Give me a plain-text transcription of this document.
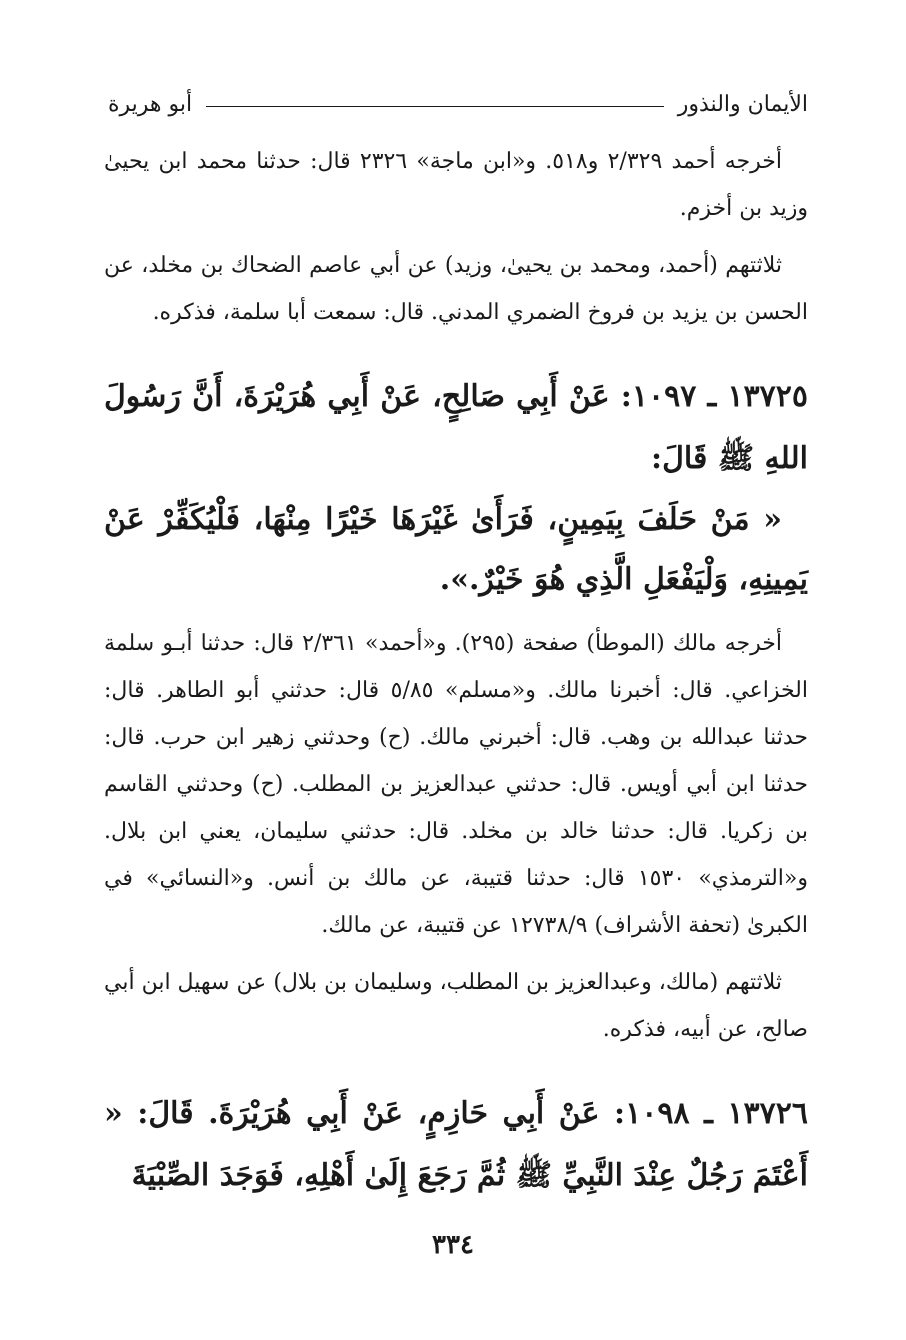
الأيمان والنذور
أبو هريرة

أخرجه أحمد ٢/٣٢٩ و٥١٨. و«ابن ماجة» ٢٣٢٦ قال: حدثنا محمد ابن يحيىٰ وزيد بن أخزم.

ثلاثتهم (أحمد، ومحمد بن يحيىٰ، وزيد) عن أبي عاصم الضحاك بن مخلد، عن الحسن بن يزيد بن فروخ الضمري المدني. قال: سمعت أبا سلمة، فذكره.

١٣٧٢٥ ـ ١٠٩٧: عَنْ أَبِي صَالِحٍ، عَنْ أَبِي هُرَيْرَةَ، أَنَّ رَسُولَ اللهِ ﷺ قَالَ:

« مَنْ حَلَفَ بِيَمِينٍ، فَرَأَىٰ غَيْرَهَا خَيْرًا مِنْهَا، فَلْيُكَفِّرْ عَنْ يَمِينِهِ، وَلْيَفْعَلِ الَّذِي هُوَ خَيْرٌ.».

أخرجه مالك (الموطأ) صفحة (٢٩٥). و«أحمد» ٢/٣٦١ قال: حدثنا أبـو سلمة الخزاعي. قال: أخبرنا مالك. و«مسلم» ٥/٨٥ قال: حدثني أبو الطاهر. قال: حدثنا عبدالله بن وهب. قال: أخبرني مالك. (ح) وحدثني زهير ابن حرب. قال: حدثنا ابن أبي أويس. قال: حدثني عبدالعزيز بن المطلب. (ح) وحدثني القاسم بن زكريا. قال: حدثنا خالد بن مخلد. قال: حدثني سليمان، يعني ابن بلال. و«الترمذي» ١٥٣٠ قال: حدثنا قتيبة، عن مالك بن أنس. و«النسائي» في الكبرىٰ (تحفة الأشراف) ١٢٧٣٨/٩ عن قتيبة، عن مالك.

ثلاثتهم (مالك، وعبدالعزيز بن المطلب، وسليمان بن بلال) عن سهيل ابن أبي صالح، عن أبيه، فذكره.

١٣٧٢٦ ـ ١٠٩٨: عَنْ أَبِي حَازِمٍ، عَنْ أَبِي هُرَيْرَةَ. قَالَ: « أَعْتَمَ رَجُلٌ عِنْدَ النَّبِيِّ ﷺ ثُمَّ رَجَعَ إِلَىٰ أَهْلِهِ، فَوَجَدَ الصِّبْيَةَ

٣٣٤
